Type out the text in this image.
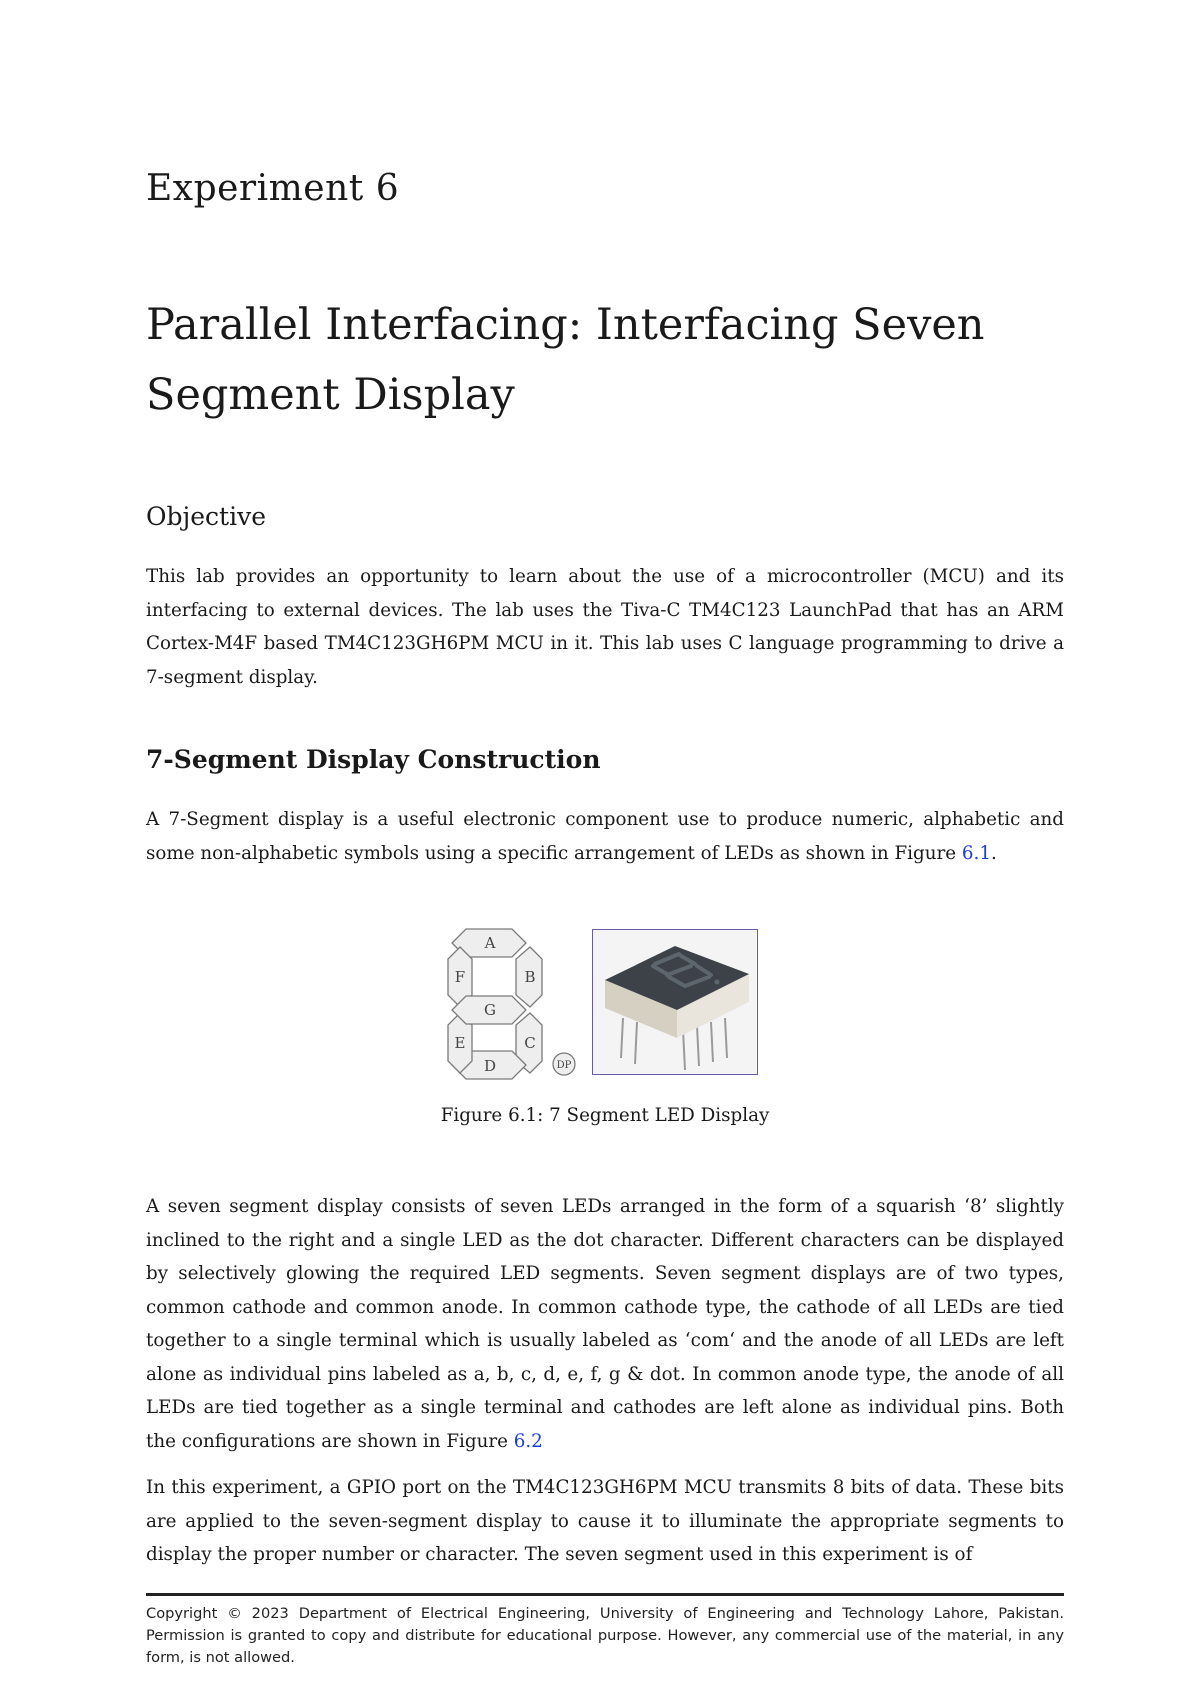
Experiment 6
Parallel Interfacing: Interfacing Seven Segment Display
Objective

This lab provides an opportunity to learn about the use of a microcontroller (MCU) and its interfacing to external devices. The lab uses the Tiva-C TM4C123 LaunchPad that has an ARM Cortex-M4F based TM4C123GH6PM MCU in it. This lab uses C language programming to drive a 7-segment display.

7-Segment Display Construction

A 7-Segment display is a useful electronic component use to produce numeric, alphabetic and some non-alphabetic symbols using a specific arrangement of LEDs as shown in Figure 6.1.

A
B
C
D
E
F
G
DP
Figure 6.1: 7 Segment LED Display

A seven segment display consists of seven LEDs arranged in the form of a squarish ‘8’ slightly inclined to the right and a single LED as the dot character. Different characters can be displayed by selectively glowing the required LED segments. Seven segment displays are of two types, common cathode and common anode. In common cathode type, the cathode of all LEDs are tied together to a single terminal which is usually labeled as ‘com‘ and the anode of all LEDs are left alone as individual pins labeled as a, b, c, d, e, f, g & dot. In common anode type, the anode of all LEDs are tied together as a single terminal and cathodes are left alone as individual pins. Both the configurations are shown in Figure 6.2

In this experiment, a GPIO port on the TM4C123GH6PM MCU transmits 8 bits of data. These bits are applied to the seven-segment display to cause it to illuminate the appropriate segments to display the proper number or character. The seven segment used in this experiment is of

Copyright © 2023 Department of Electrical Engineering, University of Engineering and Technology Lahore, Pakistan. Permission is granted to copy and distribute for educational purpose. However, any commercial use of the material, in any form, is not allowed.
